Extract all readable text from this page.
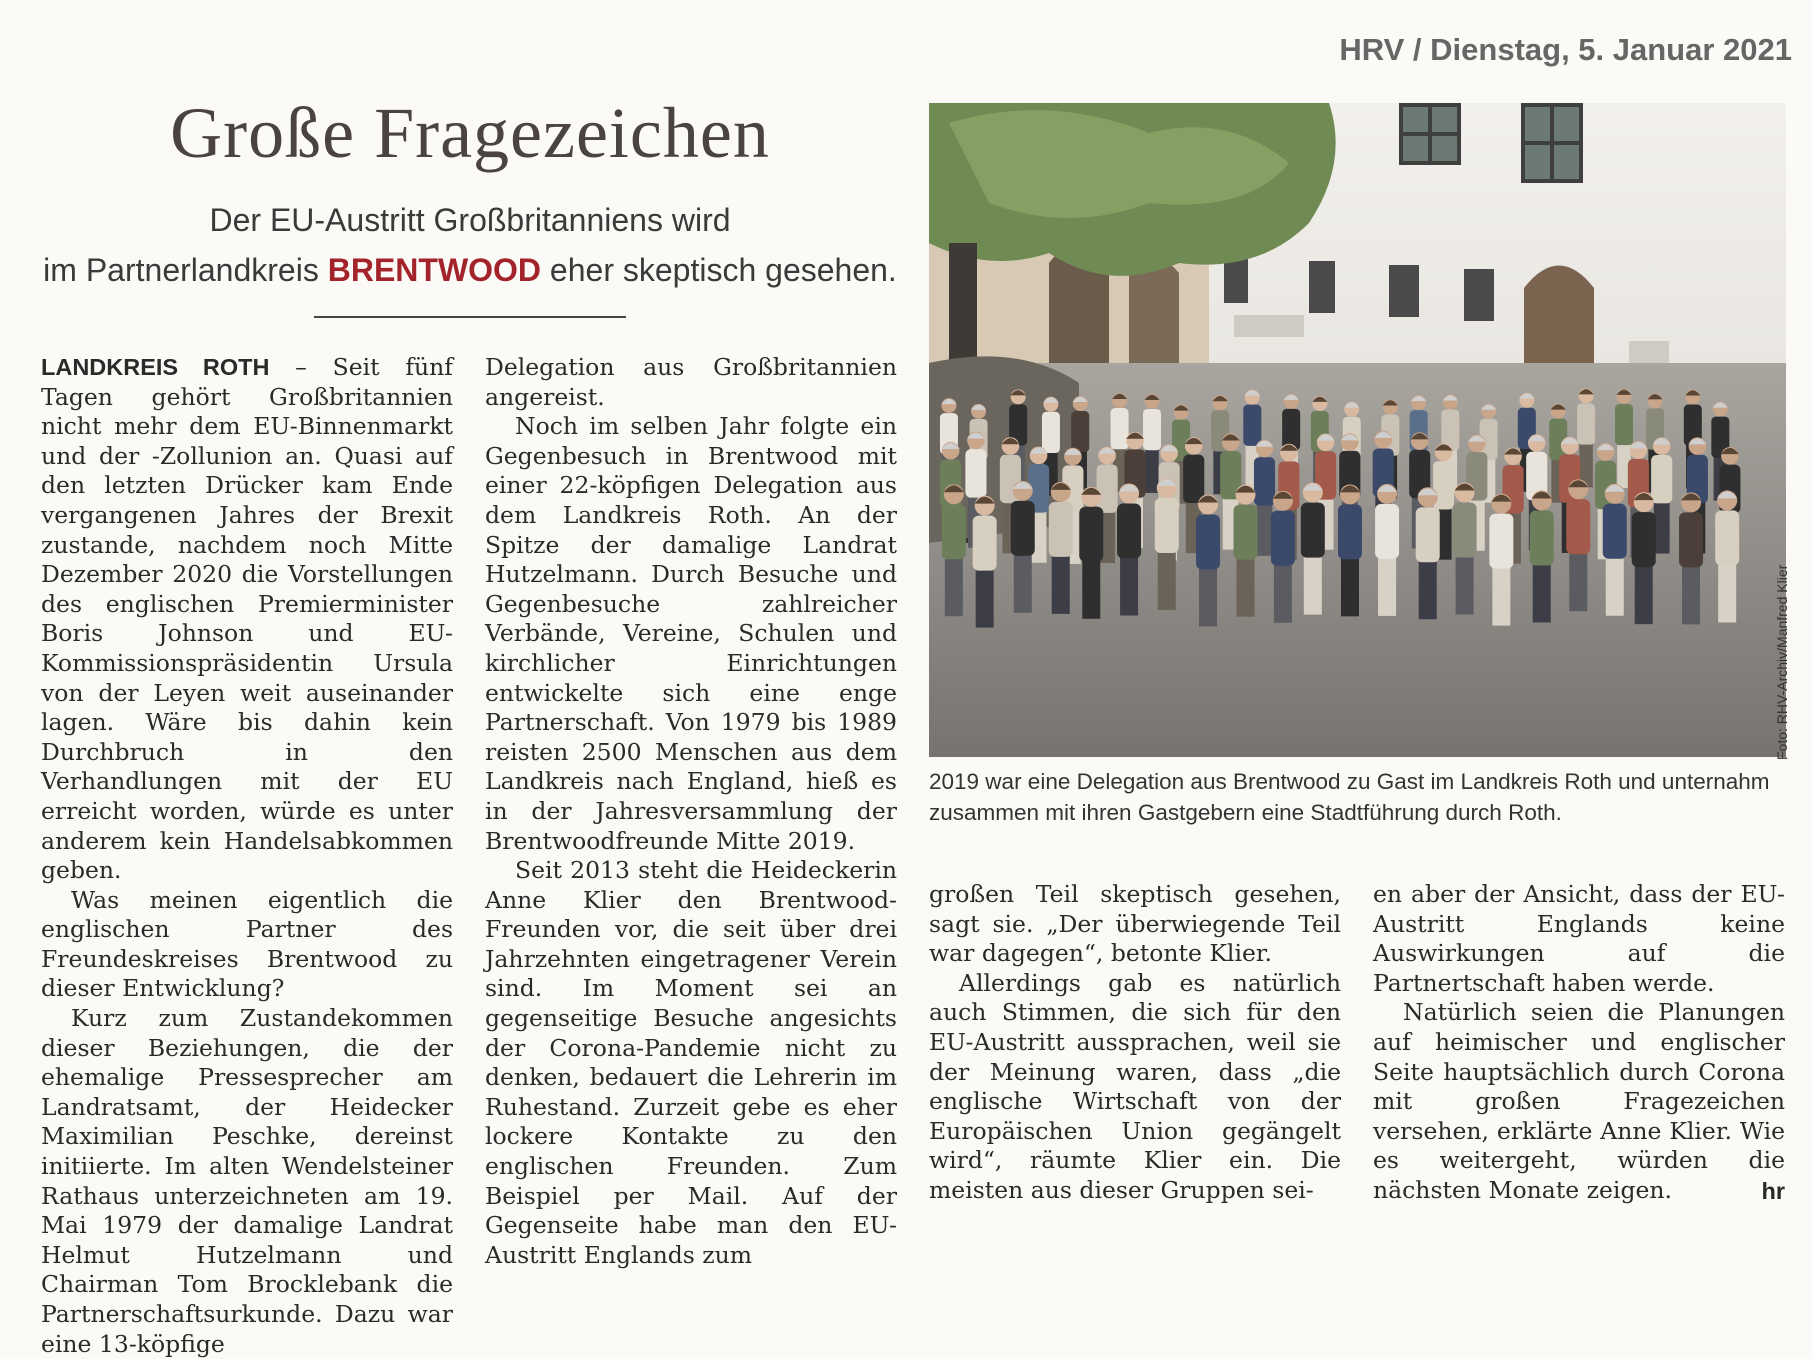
HRV / Dienstag, 5. Januar 2021
Große Fragezeichen
Der EU-Austritt Großbritanniens wird
im Partnerlandkreis BRENTWOOD eher skeptisch gesehen.

LANDKREIS ROTH – Seit fünf Tagen gehört Großbritannien nicht mehr dem EU-Binnenmarkt und der -Zollunion an. Quasi auf den letzten Drücker kam Ende vergangenen Jahres der Brexit zustande, nachdem noch Mitte Dezember 2020 die Vorstellungen des englischen Premierminister Boris Johnson und EU-Kommissionspräsidentin Ursula von der Leyen weit auseinander lagen. Wäre bis dahin kein Durchbruch in den Verhandlungen mit der EU erreicht worden, würde es unter anderem kein Handelsabkommen geben.

Was meinen eigentlich die englischen Partner des Freundeskreises Brentwood zu dieser Entwicklung?

Kurz zum Zustandekommen dieser Beziehungen, die der ehemalige Pressesprecher am Landratsamt, der Heidecker Maximilian Peschke, dereinst initiierte. Im alten Wendelsteiner Rathaus unterzeichneten am 19. Mai 1979 der damalige Landrat Helmut Hutzelmann und Chairman Tom Brocklebank die Partnerschaftsurkunde. Dazu war eine 13-köpfige

Delegation aus Großbritannien angereist.

Noch im selben Jahr folgte ein Gegenbesuch in Brentwood mit einer 22-köpfigen Delegation aus dem Landkreis Roth. An der Spitze der damalige Landrat Hutzelmann. Durch Besuche und Gegenbesuche zahlreicher Verbände, Vereine, Schulen und kirchlicher Einrichtungen entwickelte sich eine enge Partnerschaft. Von 1979 bis 1989 reisten 2500 Menschen aus dem Landkreis nach England, hieß es in der Jahresversammlung der Brentwoodfreunde Mitte 2019.

Seit 2013 steht die Heideckerin Anne Klier den Brentwood-Freunden vor, die seit über drei Jahrzehnten eingetragener Verein sind. Im Moment sei an gegenseitige Besuche angesichts der Corona-Pandemie nicht zu denken, bedauert die Lehrerin im Ruhestand. Zurzeit gebe es eher lockere Kontakte zu den englischen Freunden. Zum Beispiel per Mail. Auf der Gegenseite habe man den EU-Austritt Englands zum

Foto: RHV-Archiv/Manfred Klier
2019 war eine Delegation aus Brentwood zu Gast im Landkreis Roth und unternahm zusammen mit ihren Gastgebern eine Stadtführung durch Roth.

großen Teil skeptisch gesehen, sagt sie. „Der überwiegende Teil war dagegen“, betonte Klier.

Allerdings gab es natürlich auch Stimmen, die sich für den EU-Austritt aussprachen, weil sie der Meinung waren, dass „die englische Wirtschaft von der Europäischen Union gegängelt wird“, räumte Klier ein. Die meisten aus dieser Gruppen sei-

en aber der Ansicht, dass der EU-Austritt Englands keine Auswirkungen auf die Partnertschaft haben werde.

Natürlich seien die Planungen auf heimischer und englischer Seite hauptsächlich durch Corona mit großen Fragezeichen versehen, erklärte Anne Klier. Wie es weitergeht, würden die nächsten Monate zeigen.	hr
